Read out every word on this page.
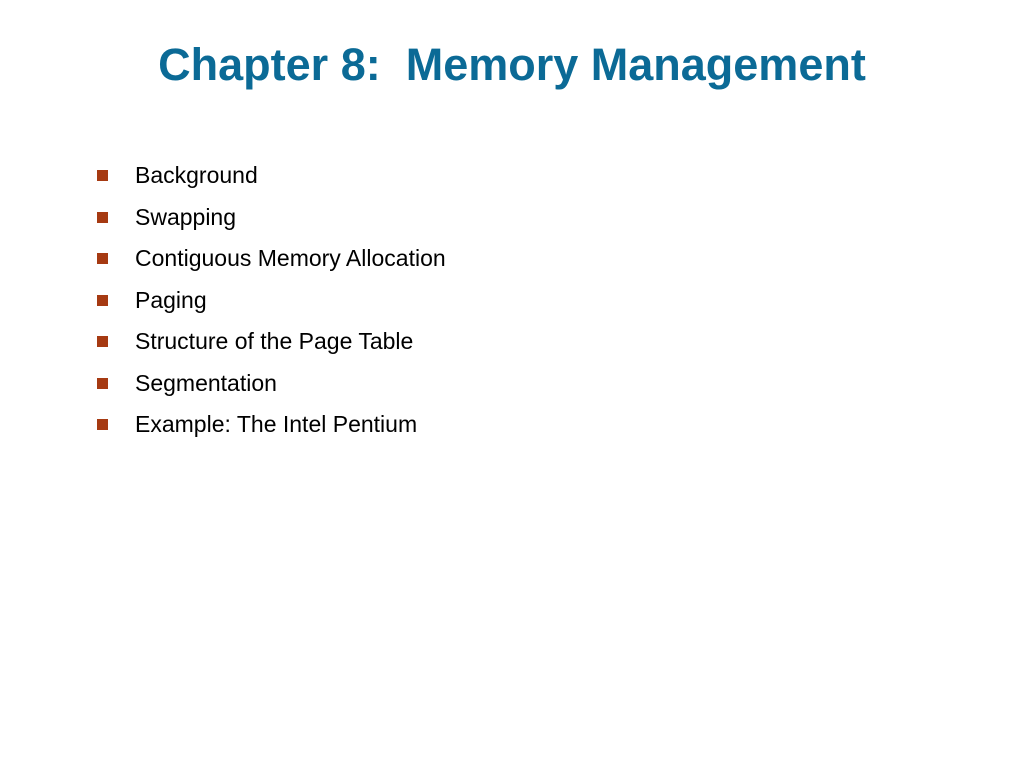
Chapter 8:  Memory Management
Background
Swapping
Contiguous Memory Allocation
Paging
Structure of the Page Table
Segmentation
Example: The Intel Pentium
